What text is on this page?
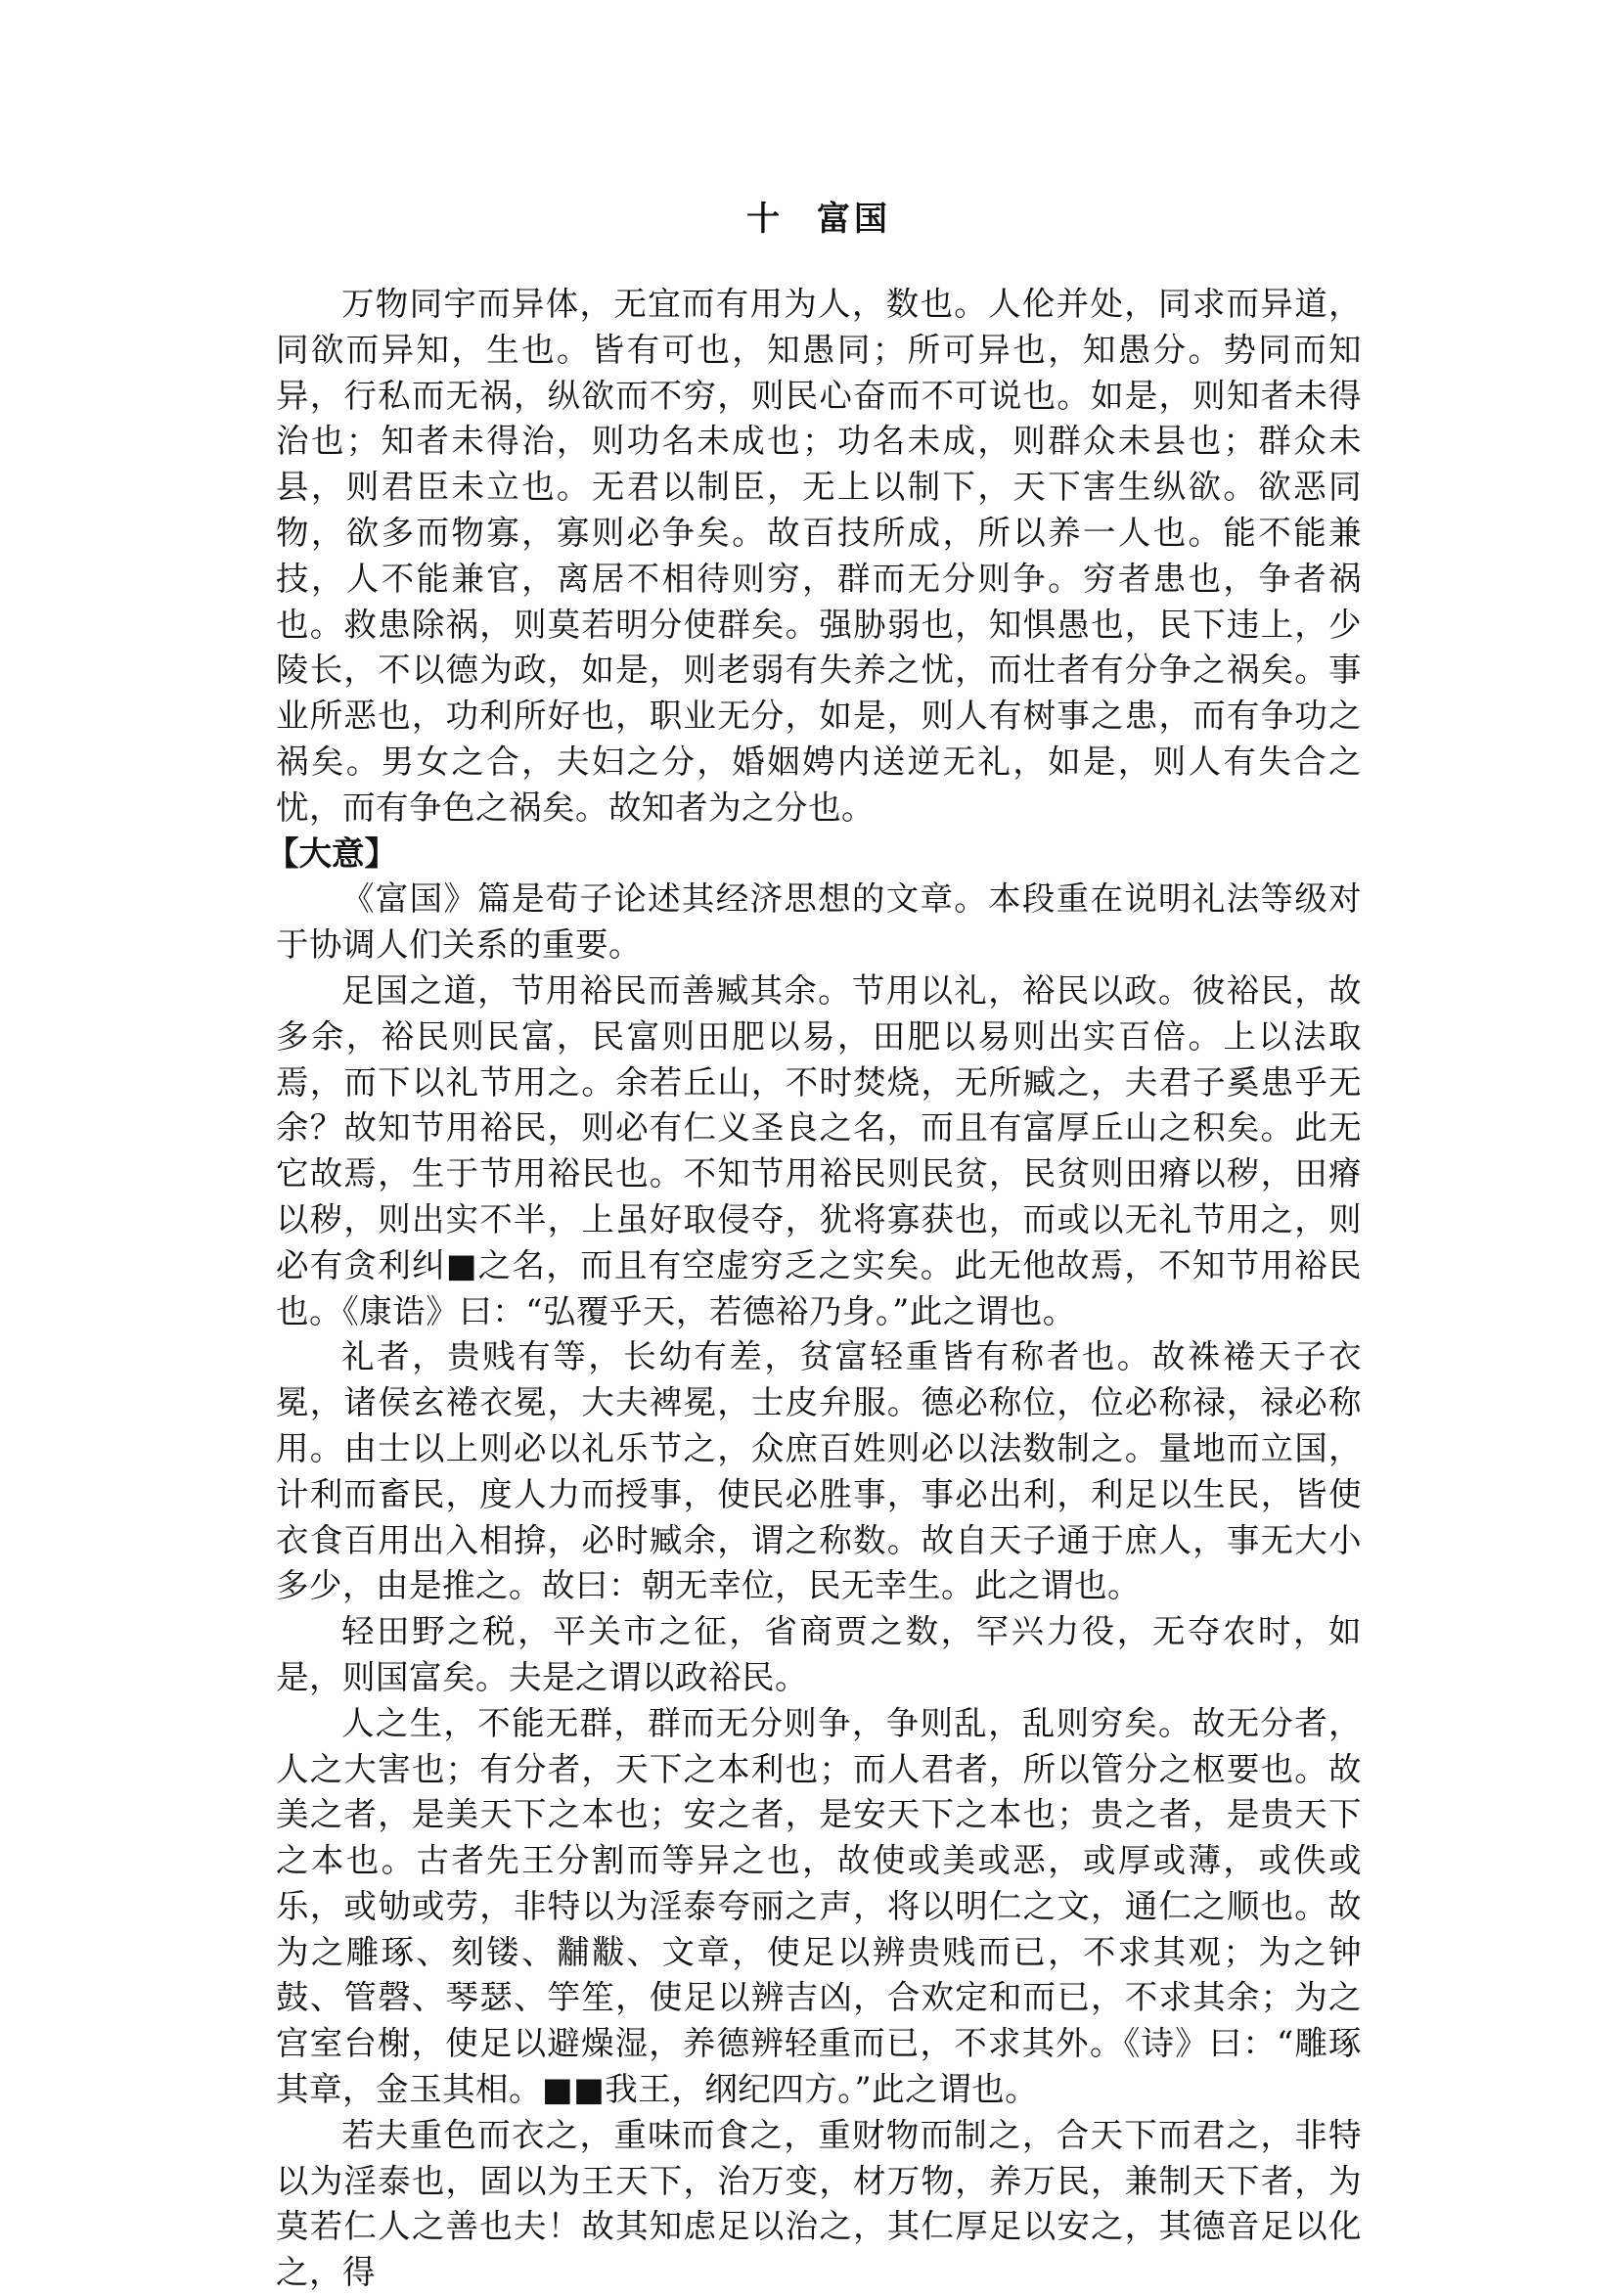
十 富国

万物同宇而异体，无宜而有用为人，数也。人伦并处，同求而异道，同欲而异知，生也。皆有可也，知愚同；所可异也，知愚分。势同而知异，行私而无祸，纵欲而不穷，则民心奋而不可说也。如是，则知者未得治也；知者未得治，则功名未成也；功名未成，则群众未县也；群众未县，则君臣未立也。无君以制臣，无上以制下，天下害生纵欲。欲恶同物，欲多而物寡，寡则必争矣。故百技所成，所以养一人也。能不能兼技，人不能兼官，离居不相待则穷，群而无分则争。穷者患也，争者祸也。救患除祸，则莫若明分使群矣。强胁弱也，知惧愚也，民下违上，少陵长，不以德为政，如是，则老弱有失养之忧，而壮者有分争之祸矣。事业所恶也，功利所好也，职业无分，如是，则人有树事之患，而有争功之祸矣。男女之合，夫妇之分，婚姻娉内送逆无礼，如是，则人有失合之忧，而有争色之祸矣。故知者为之分也。

【大意】

《富国》篇是荀子论述其经济思想的文章。本段重在说明礼法等级对于协调人们关系的重要。

足国之道，节用裕民而善臧其余。节用以礼，裕民以政。彼裕民，故多余，裕民则民富，民富则田肥以易，田肥以易则出实百倍。上以法取焉，而下以礼节用之。余若丘山，不时焚烧，无所臧之，夫君子奚患乎无余？故知节用裕民，则必有仁义圣良之名，而且有富厚丘山之积矣。此无它故焉，生于节用裕民也。不知节用裕民则民贫，民贫则田瘠以秽，田瘠以秽，则出实不半，上虽好取侵夺，犹将寡获也，而或以无礼节用之，则必有贪利纠■之名，而且有空虚穷乏之实矣。此无他故焉，不知节用裕民也。《康诰》曰：“弘覆乎天，若德裕乃身。”此之谓也。

礼者，贵贱有等，长幼有差，贫富轻重皆有称者也。故袾裷天子衣冕，诸侯玄裷衣冕，大夫裨冕，士皮弁服。德必称位，位必称禄，禄必称用。由士以上则必以礼乐节之，众庶百姓则必以法数制之。量地而立国，计利而畜民，度人力而授事，使民必胜事，事必出利，利足以生民，皆使衣食百用出入相揜，必时臧余，谓之称数。故自天子通于庶人，事无大小多少，由是推之。故曰：朝无幸位，民无幸生。此之谓也。

轻田野之税，平关市之征，省商贾之数，罕兴力役，无夺农时，如是，则国富矣。夫是之谓以政裕民。

人之生，不能无群，群而无分则争，争则乱，乱则穷矣。故无分者，人之大害也；有分者，天下之本利也；而人君者，所以管分之枢要也。故美之者，是美天下之本也；安之者，是安天下之本也；贵之者，是贵天下之本也。古者先王分割而等异之也，故使或美或恶，或厚或薄，或佚或乐，或劬或劳，非特以为淫泰夸丽之声，将以明仁之文，通仁之顺也。故为之雕琢、刻镂、黼黻、文章，使足以辨贵贱而已，不求其观；为之钟鼓、管磬、琴瑟、竽笙，使足以辨吉凶，合欢定和而已，不求其余；为之宫室台榭，使足以避燥湿，养德辨轻重而已，不求其外。《诗》曰：“雕琢其章，金玉其相。■■我王，纲纪四方。”此之谓也。

若夫重色而衣之，重味而食之，重财物而制之，合天下而君之，非特以为淫泰也，固以为王天下，治万变，材万物，养万民，兼制天下者，为莫若仁人之善也夫！故其知虑足以治之，其仁厚足以安之，其德音足以化之，得
